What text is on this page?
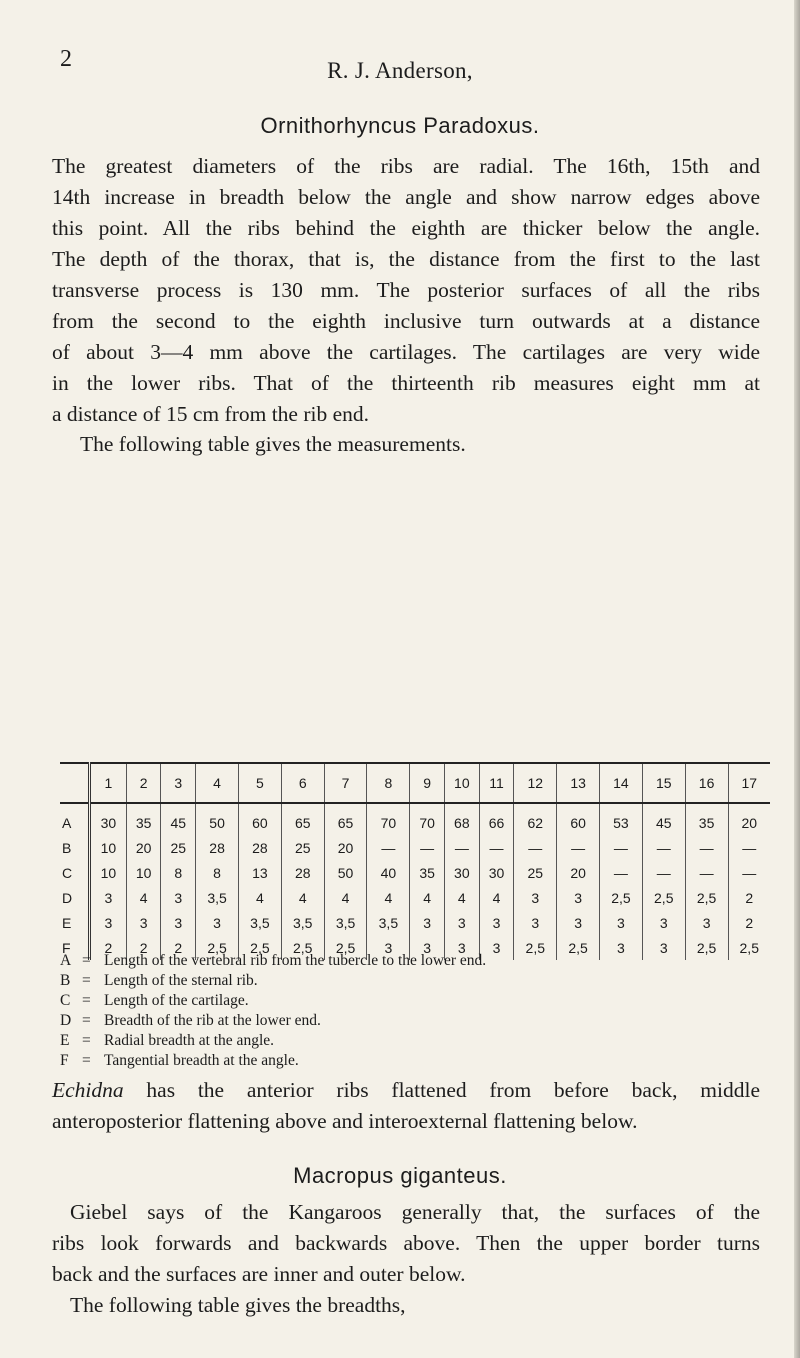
2	R. J. Anderson,
Ornithorhyncus Paradoxus.
The greatest diameters of the ribs are radial. The 16th, 15th and
14th increase in breadth below the angle and show narrow edges above
this point. All the ribs behind the eighth are thicker below the angle.
The depth of the thorax, that is, the distance from the first to the last
transverse process is 130 mm. The posterior surfaces of all the ribs
from the second to the eighth inclusive turn outwards at a distance
of about 3—4 mm above the cartilages. The cartilages are very wide
in the lower ribs. That of the thirteenth rib measures eight mm at
a distance of 15 cm from the rib end.
The following table gives the measurements.
	1	2	3	4	5	6	7	8	9	10	11	12	13	14	15	16	17
A	30	35	45	50	60	65	65	70	70	68	66	62	60	53	45	35	20
B	10	20	25	28	28	25	20	—	—	—	—	—	—	—	—	—	—
C	10	10	8	8	13	28	50	40	35	30	30	25	20	—	—	—	—
D	3	4	3	3,5	4	4	4	4	4	4	4	3	3	2,5	2,5	2,5	2
E	3	3	3	3	3,5	3,5	3,5	3,5	3	3	3	3	3	3	3	3	2
F	2	2	2	2,5	2,5	2,5	2,5	3	3	3	3	2,5	2,5	3	3	2,5	2,5
A = Length of the vertebral rib from the tubercle to the lower end.
B = Length of the sternal rib.
C = Length of the cartilage.
D = Breadth of the rib at the lower end.
E = Radial breadth at the angle.
F = Tangential breadth at the angle.
Echidna has the anterior ribs flattened from before back, middle
anteroposterior flattening above and interoexternal flattening below.
Macropus giganteus.
Giebel says of the Kangaroos generally that, the surfaces of the
ribs look forwards and backwards above. Then the upper border turns
back and the surfaces are inner and outer below.
The following table gives the breadths,
